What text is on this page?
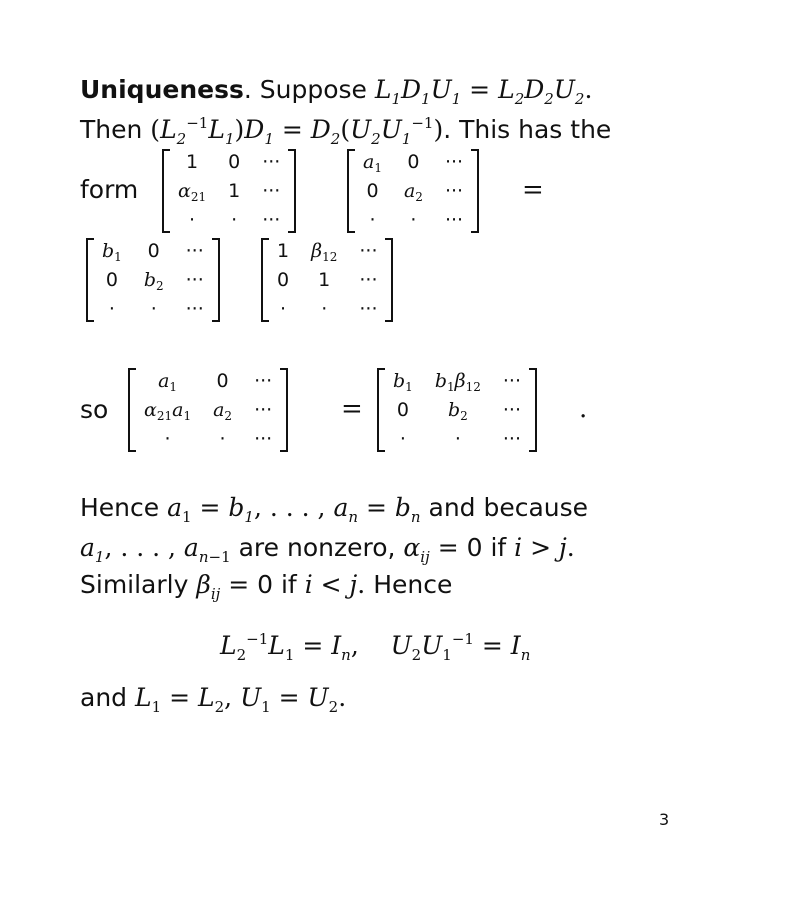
Uniqueness. Suppose $L_1D_1U_1 = L_2D_2U_2$.
Then $(L_2^{-1}L_1)D_1 = D_2(U_2U_1^{-1})$. This has the
form
1	0 ···
$\alpha_{21}$ 1 ···
·	· ···
$a_1$ 0 ···
0 $a_2$ ···
·	·	···
=
$b_1$ 0 ···
0 $b_2$ ···
·	·	···
1 $\beta_{12}$ ···
0	1	···
·	·	···
so
$a_1$	0 ···
$\alpha_{21}a_1$ $a_2$ ···
·	·	···
=
$b_1$ $b_1\beta_{12}$ ···
0	$b_2$	···
·	·	···
.
Hence $a_1 = b_1$, . . . , $a_n = b_n$ and because
$a_1$, . . . , $a_{n-1}$ are nonzero, $\alpha_{ij} = 0$ if i > j.
Similarly $\beta_{ij} = 0$ if i < j. Hence
$L_2^{-1}L_1 = I_n$,    $U_2U_1^{-1} = I_n$
and $L_1 = L_2$, $U_1 = U_2$.
3
